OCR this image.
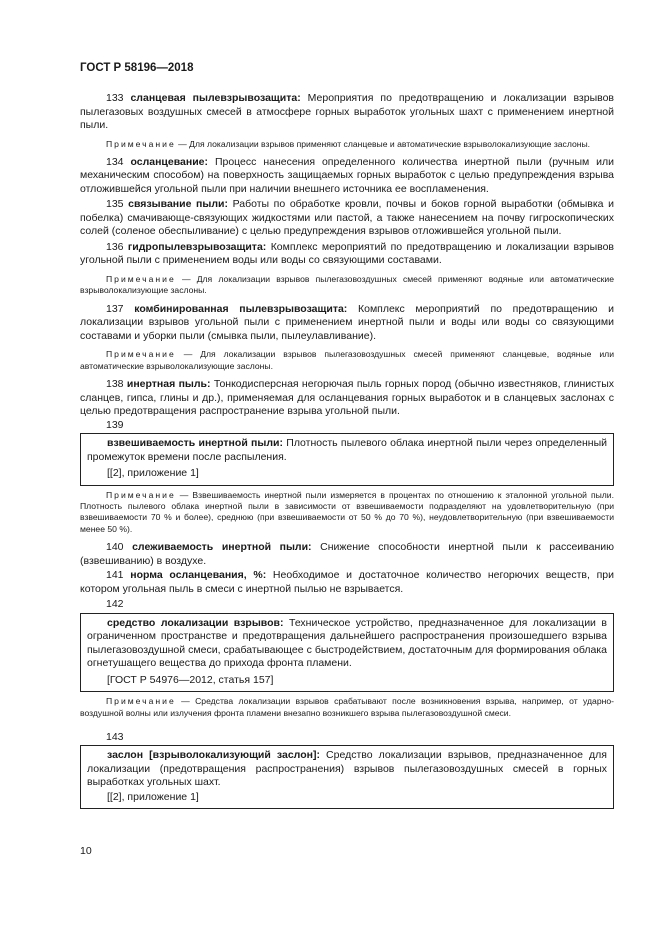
ГОСТ Р 58196—2018

133 сланцевая пылевзрывозащита: Мероприятия по предотвращению и локализации взрывов пылегазовых воздушных смесей в атмосфере горных выработок угольных шахт с применением инертной пыли.

Примечание — Для локализации взрывов применяют сланцевые и автоматические взрыволокализующие заслоны.

134 осланцевание: Процесс нанесения определенного количества инертной пыли (ручным или механическим способом) на поверхность защищаемых горных выработок с целью предупреждения взрыва отложившейся угольной пыли при наличии внешнего источника ее воспламенения.

135 связывание пыли: Работы по обработке кровли, почвы и боков горной выработки (обмывка и побелка) смачивающе-связующих жидкостями или пастой, а также нанесением на почву гигроскопических солей (соленое обеспыливание) с целью предупреждения взрывов отложившейся угольной пыли.

136 гидропылевзрывозащита: Комплекс мероприятий по предотвращению и локализации взрывов угольной пыли с применением воды или воды со связующими составами.

Примечание — Для локализации взрывов пылегазовоздушных смесей применяют водяные или автоматические взрыволокализующие заслоны.

137 комбинированная пылевзрывозащита: Комплекс мероприятий по предотвращению и локализации взрывов угольной пыли с применением инертной пыли и воды или воды со связующими составами и уборки пыли (смывка пыли, пылеулавливание).

Примечание — Для локализации взрывов пылегазовоздушных смесей применяют сланцевые, водяные или автоматические взрыволокализующие заслоны.

138 инертная пыль: Тонкодисперсная негорючая пыль горных пород (обычно известняков, глинистых сланцев, гипса, глины и др.), применяемая для осланцевания горных выработок и в сланцевых заслонах с целью предотвращения распространение взрыва угольной пыли.

139

взвешиваемость инертной пыли: Плотность пылевого облака инертной пыли через определенный промежуток времени после распыления.

[[2], приложение 1]

Примечание — Взвешиваемость инертной пыли измеряется в процентах по отношению к эталонной угольной пыли. Плотность пылевого облака инертной пыли в зависимости от взвешиваемости подразделяют на удовлетворительную (при взвешиваемости 70 % и более), среднюю (при взвешиваемости от 50 % до 70 %), неудовлетворительную (при взвешиваемости менее 50 %).

140 слеживаемость инертной пыли: Снижение способности инертной пыли к рассеиванию (взвешиванию) в воздухе.

141 норма осланцевания, %: Необходимое и достаточное количество негорючих веществ, при котором угольная пыль в смеси с инертной пылью не взрывается.

142

средство локализации взрывов: Техническое устройство, предназначенное для локализации в ограниченном пространстве и предотвращения дальнейшего распространения произошедшего взрыва пылегазовоздушной смеси, срабатывающее с быстродействием, достаточным для формирования облака огнетушащего вещества до прихода фронта пламени.

[ГОСТ Р 54976—2012, статья 157]

Примечание — Средства локализации взрывов срабатывают после возникновения взрыва, например, от ударно-воздушной волны или излучения фронта пламени внезапно возникшего взрыва пылегазовоздушной смеси.

143

заслон [взрыволокализующий заслон]: Средство локализации взрывов, предназначенное для локализации (предотвращения распространения) взрывов пылегазовоздушных смесей в горных выработках угольных шахт.

[[2], приложение 1]

10
